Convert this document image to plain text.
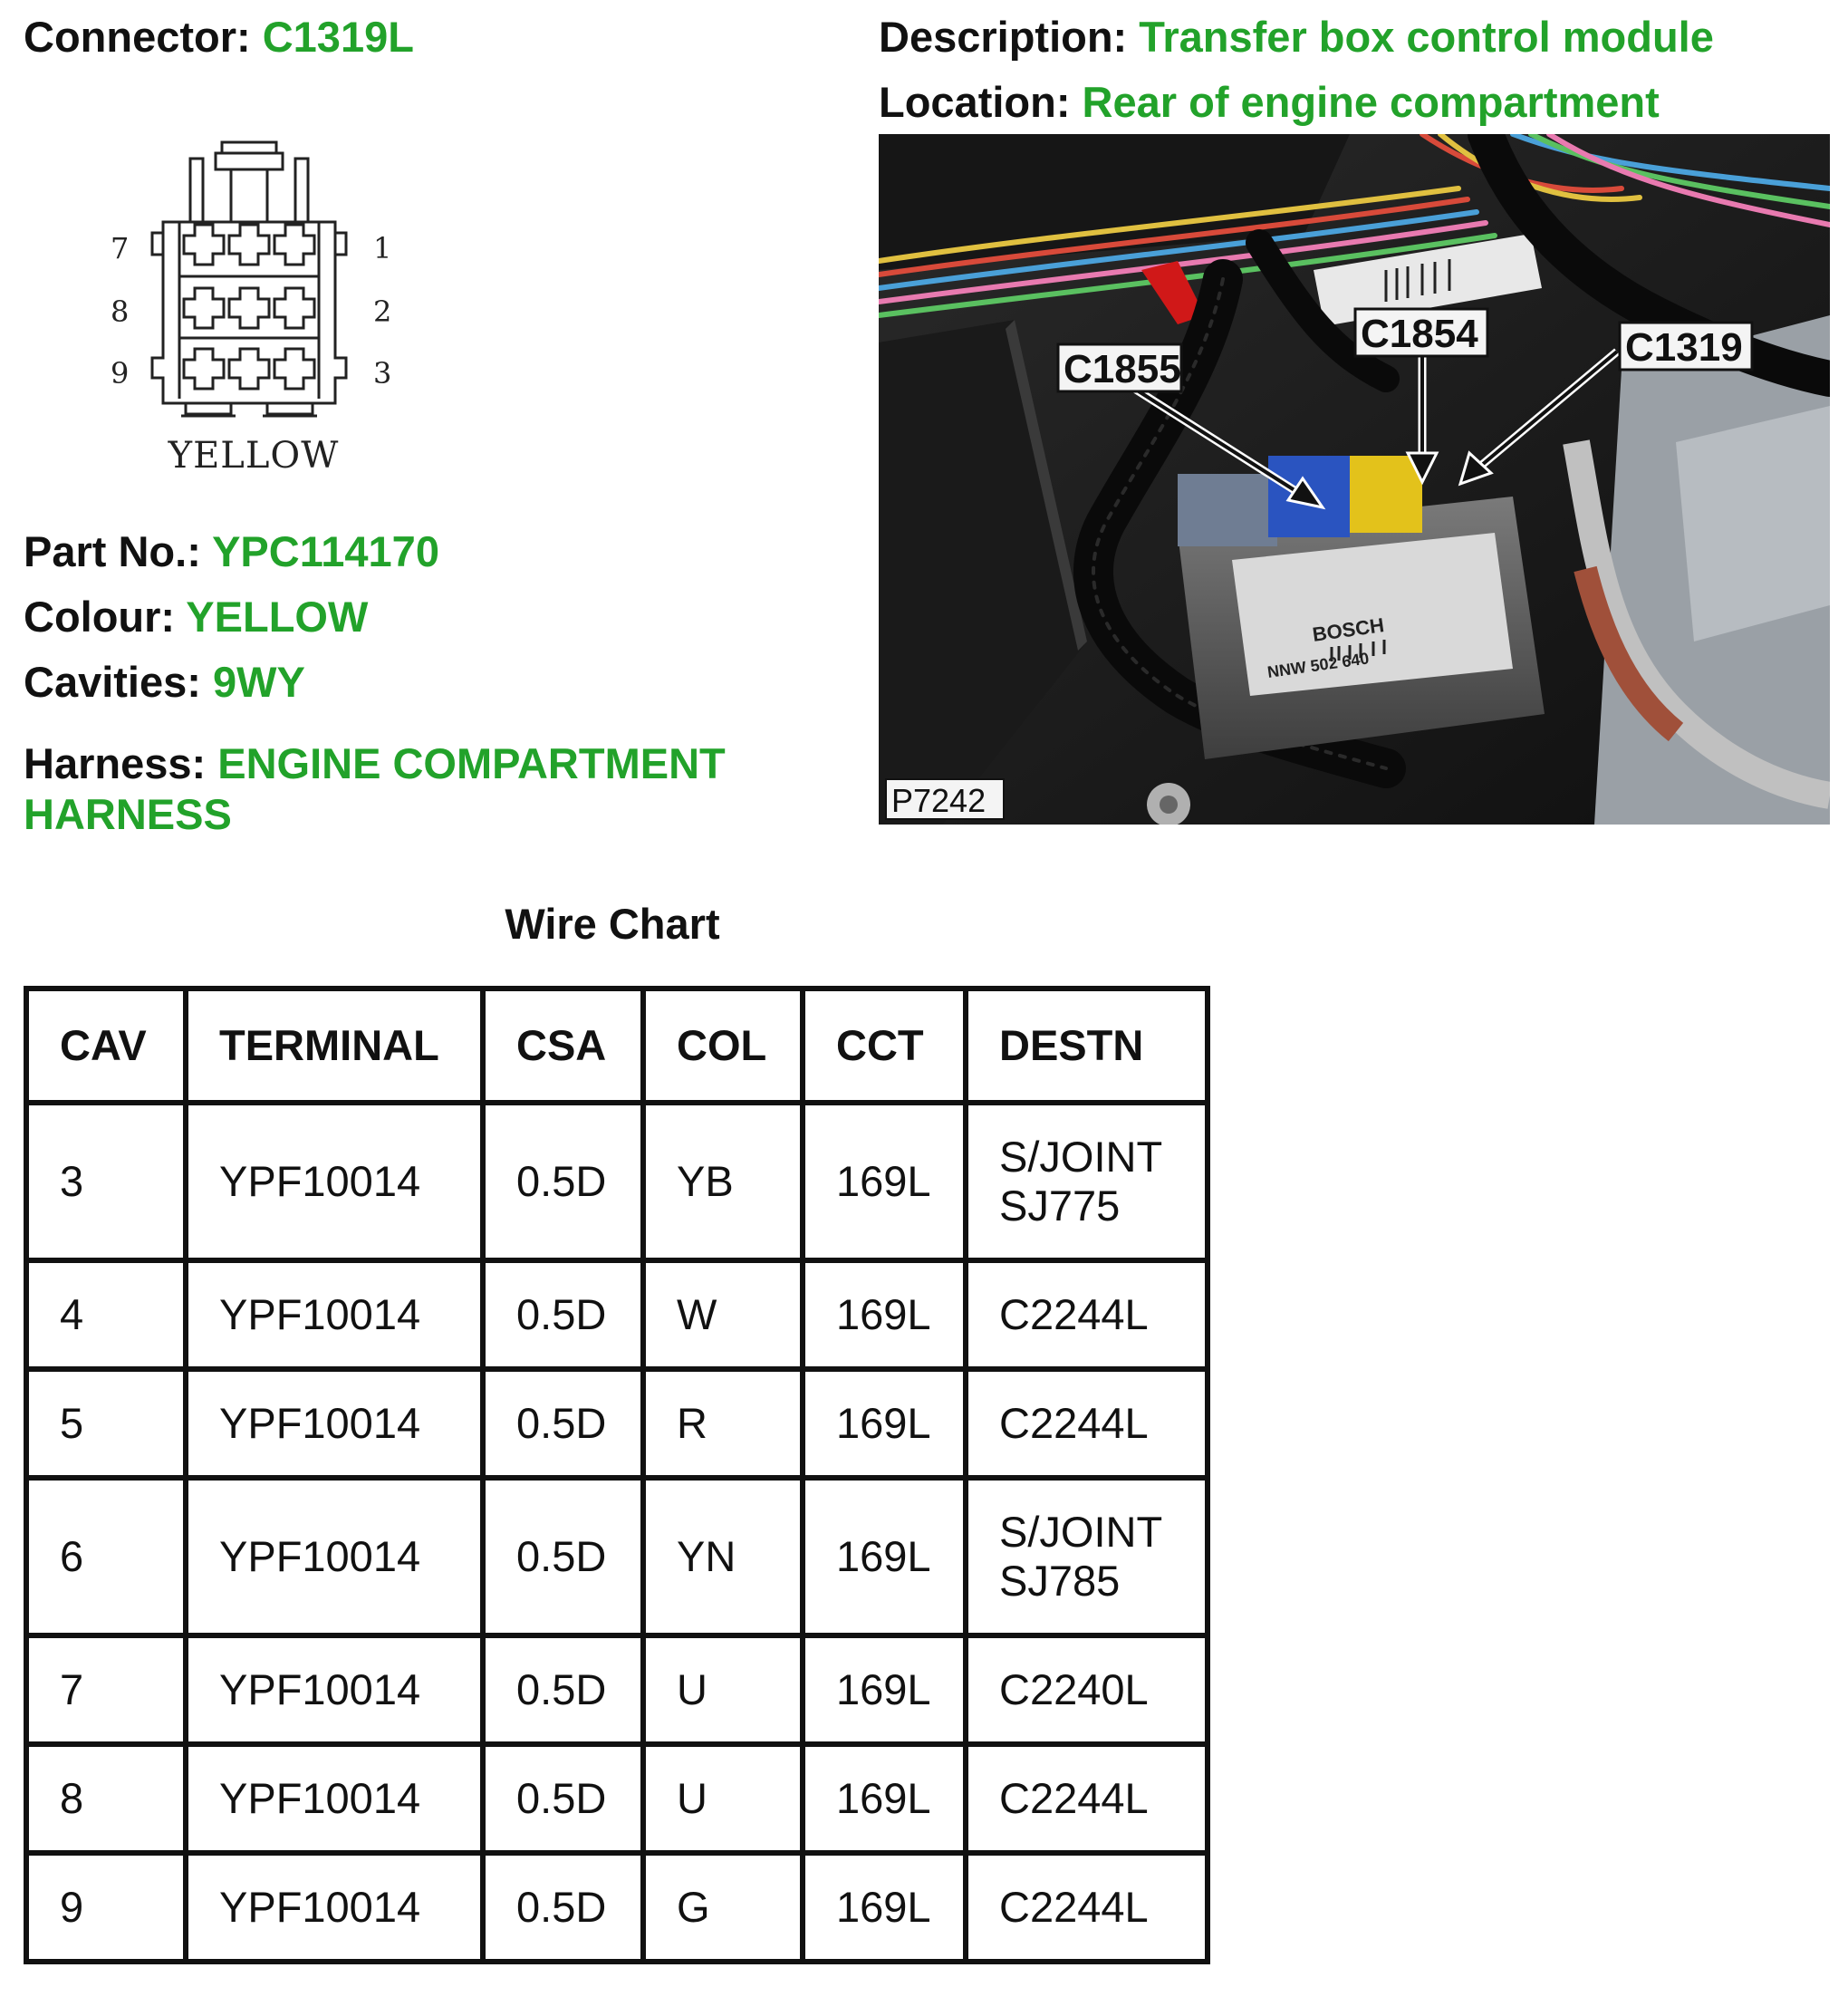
Connector: C1319L	Description: Transfer box control module
Location: Rear of engine compartment
7
8
9
1
2
3
YELLOW
Part No.: YPC114170
Colour: YELLOW
Cavities: 9WY
Harness: ENGINE COMPARTMENT
HARNESS
BOSCH
NNW 502 640
C1855
C1854	C1319
P7242
Wire Chart
CAV	TERMINAL	CSA	COL	CCT	DESTN
3	YPF10014	0.5D	YB	169L	S/JOINT SJ775
4	YPF10014	0.5D	W	169L	C2244L
5	YPF10014	0.5D	R	169L	C2244L
6	YPF10014	0.5D	YN	169L	S/JOINT SJ785
7	YPF10014	0.5D	U	169L	C2240L
8	YPF10014	0.5D	U	169L	C2244L
9	YPF10014	0.5D	G	169L	C2244L
